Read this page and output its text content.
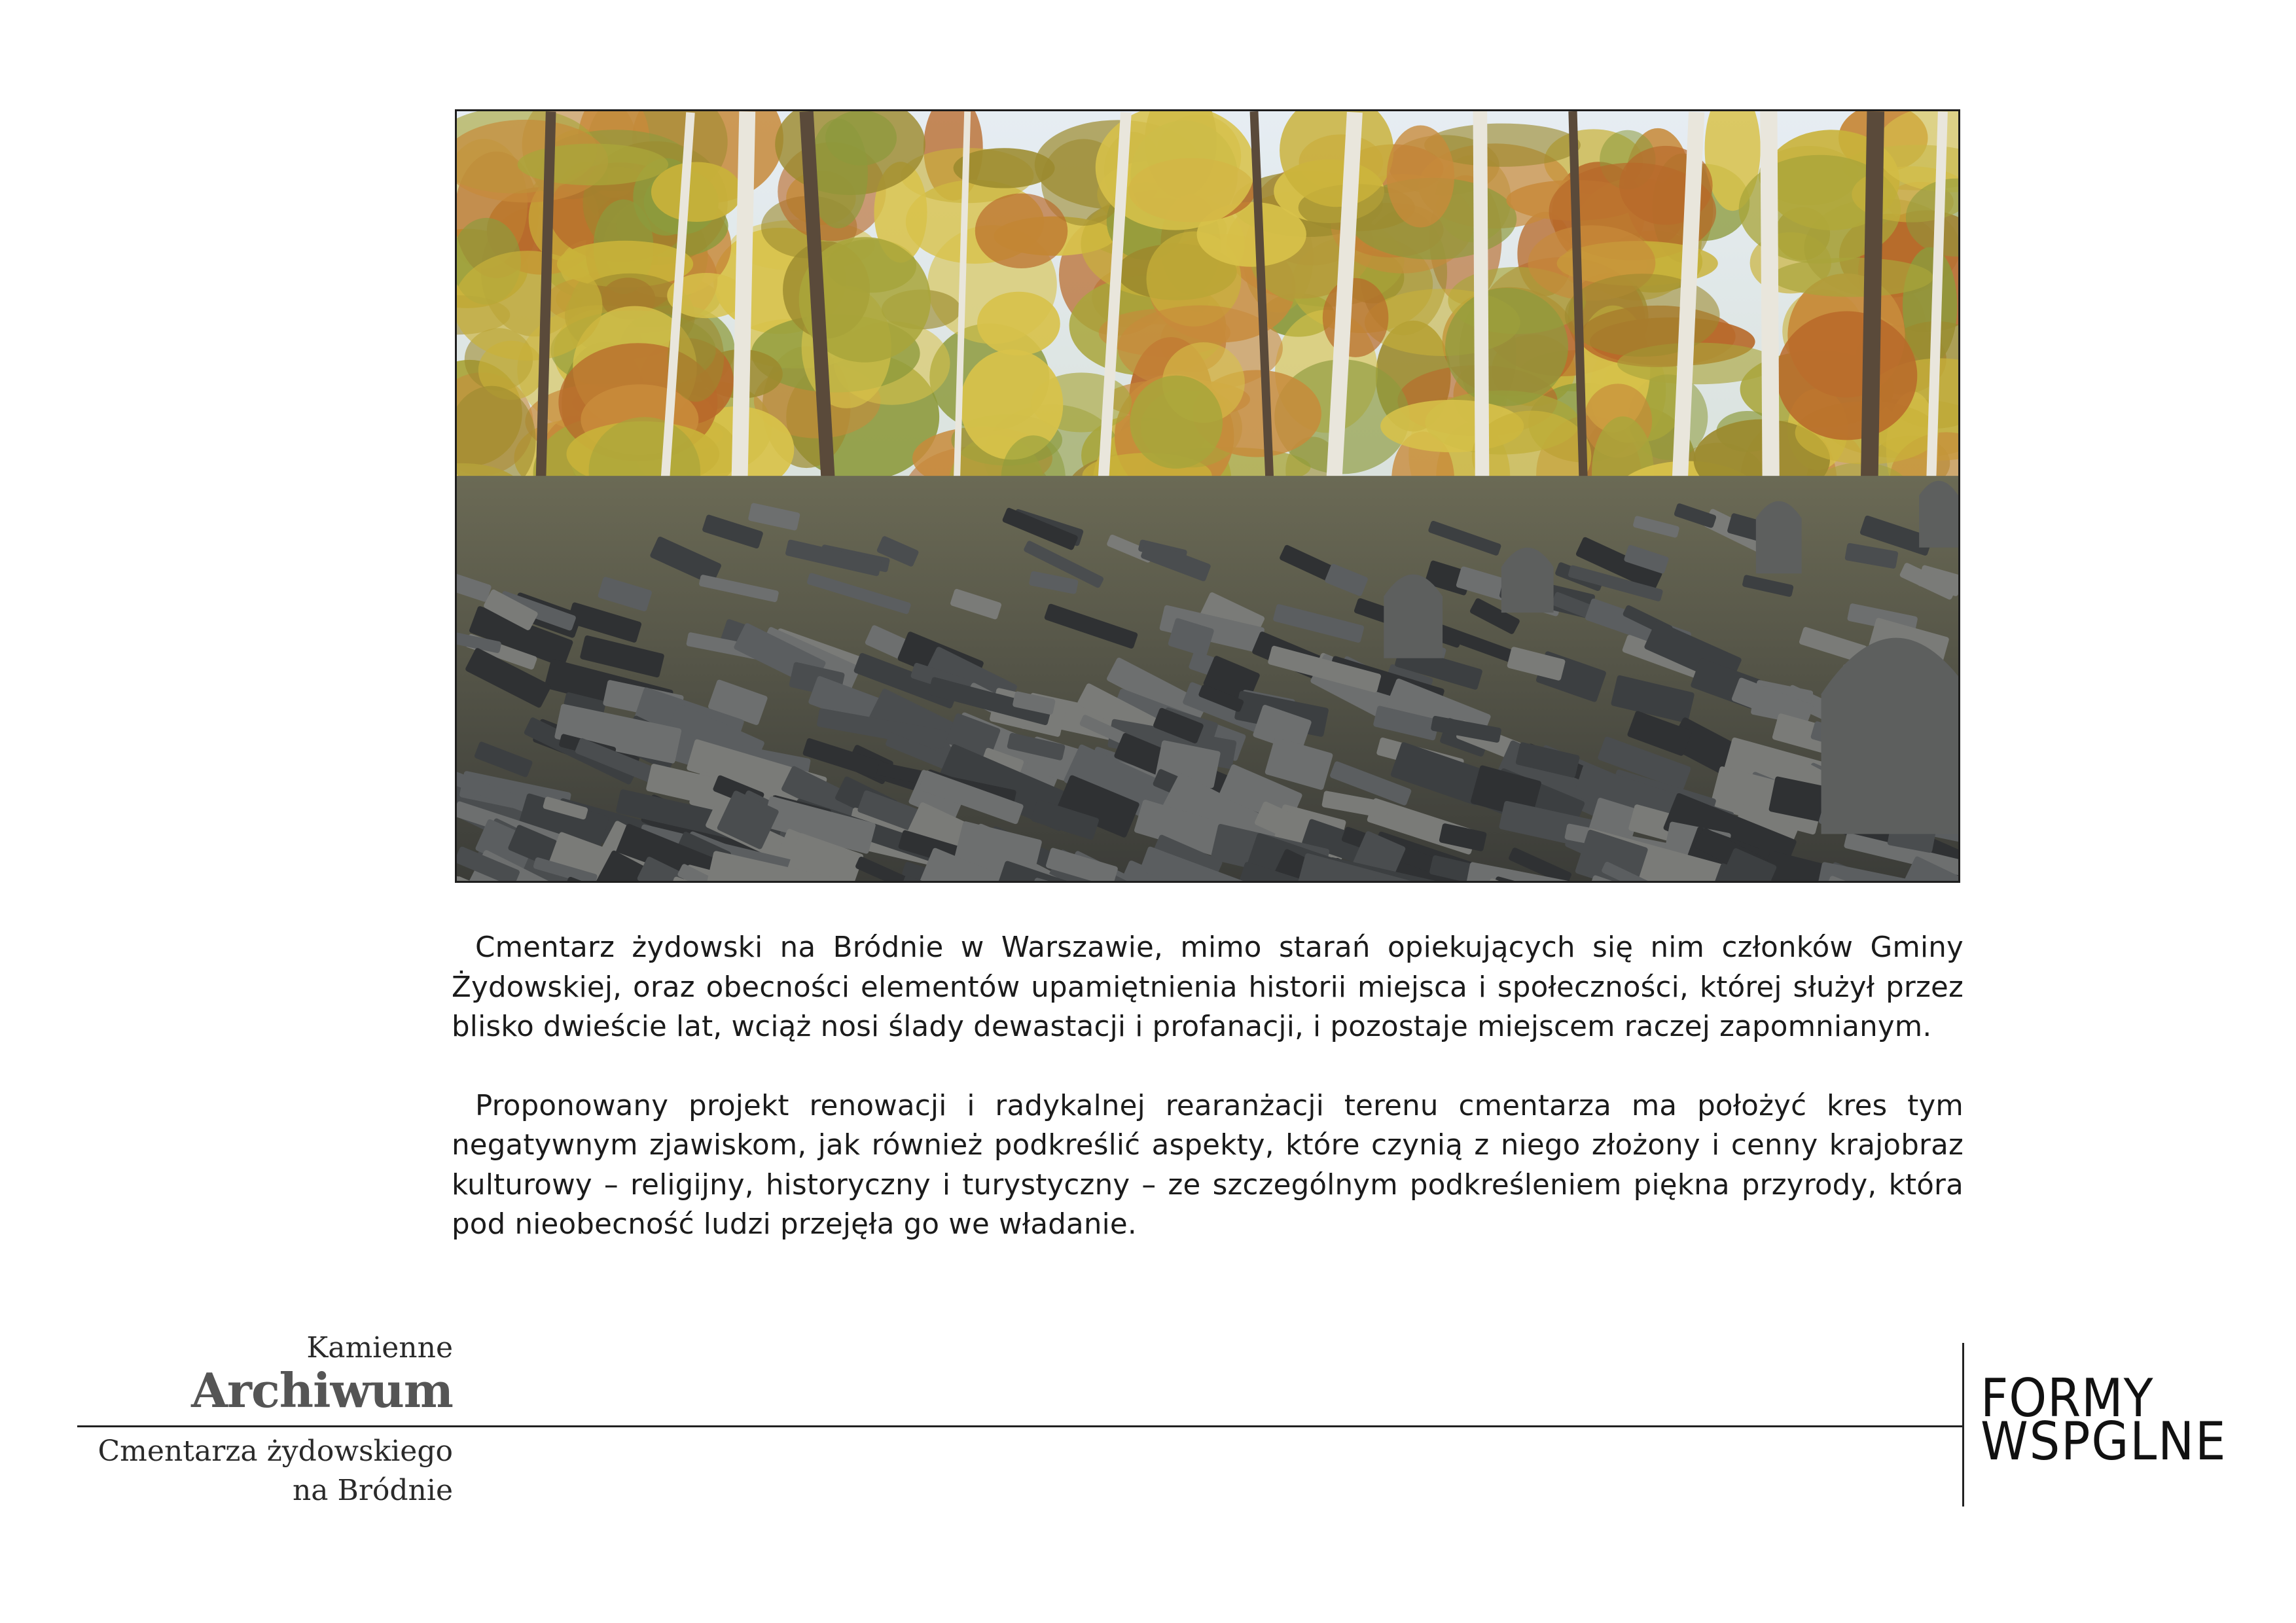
Cmentarz żydowski na Bródnie w Warszawie, mimo starań opiekujących się nim członków Gminy Żydowskiej, oraz obecności elementów upamiętnienia historii miejsca i społeczności, której służył przez blisko dwieście lat, wciąż nosi ślady dewastacji i profanacji, i pozostaje miejscem raczej zapomnianym.

Proponowany projekt renowacji i radykalnej rearanżacji terenu cmentarza ma położyć kres tym negatywnym zjawiskom, jak również podkreślić aspekty, które czynią z niego złożony i cenny krajobraz kulturowy – religijny, historyczny i turystyczny – ze szczególnym podkreśleniem piękna przyrody, która pod nieobecność ludzi przejęła go we władanie.

Kamienne
Archiwum
Cmentarza żydowskiego
na Bródnie
FORMY
WSPGLNE
